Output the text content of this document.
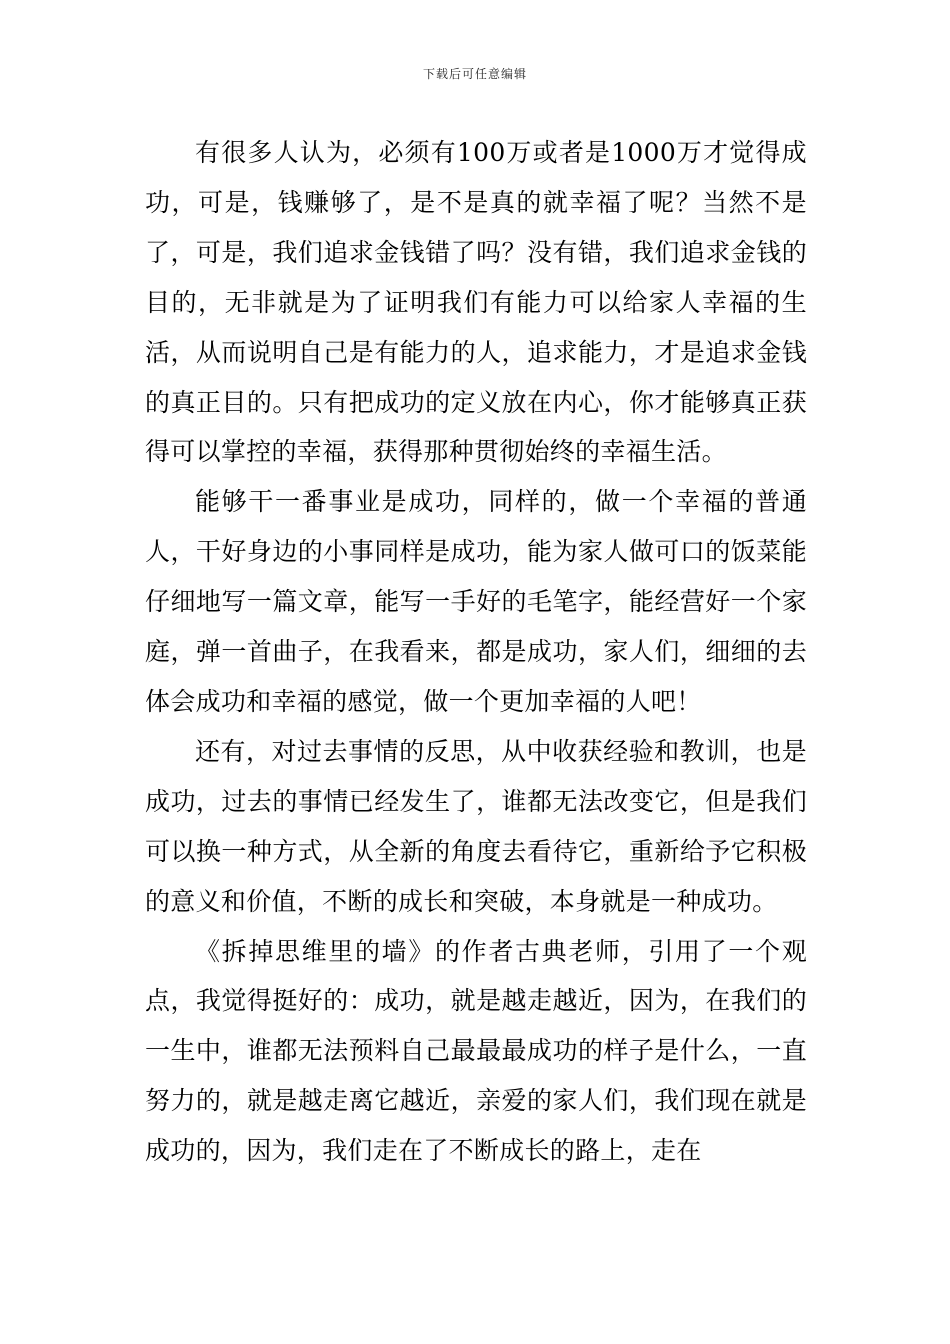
下载后可任意编辑

有很多人认为，必须有100万或者是1000万才觉得成功，可是，钱赚够了，是不是真的就幸福了呢？当然不是了，可是，我们追求金钱错了吗？没有错，我们追求金钱的目的，无非就是为了证明我们有能力可以给家人幸福的生活，从而说明自己是有能力的人，追求能力，才是追求金钱的真正目的。只有把成功的定义放在内心，你才能够真正获得可以掌控的幸福，获得那种贯彻始终的幸福生活。

能够干一番事业是成功，同样的，做一个幸福的普通人，干好身边的小事同样是成功，能为家人做可口的饭菜能仔细地写一篇文章，能写一手好的毛笔字，能经营好一个家庭，弹一首曲子，在我看来，都是成功，家人们，细细的去体会成功和幸福的感觉，做一个更加幸福的人吧！

还有，对过去事情的反思，从中收获经验和教训，也是成功，过去的事情已经发生了，谁都无法改变它，但是我们可以换一种方式，从全新的角度去看待它，重新给予它积极的意义和价值，不断的成长和突破，本身就是一种成功。

《拆掉思维里的墙》的作者古典老师，引用了一个观点，我觉得挺好的：成功，就是越走越近，因为，在我们的一生中，谁都无法预料自己最最最成功的样子是什么，一直努力的，就是越走离它越近，亲爱的家人们，我们现在就是成功的，因为，我们走在了不断成长的路上，走在
